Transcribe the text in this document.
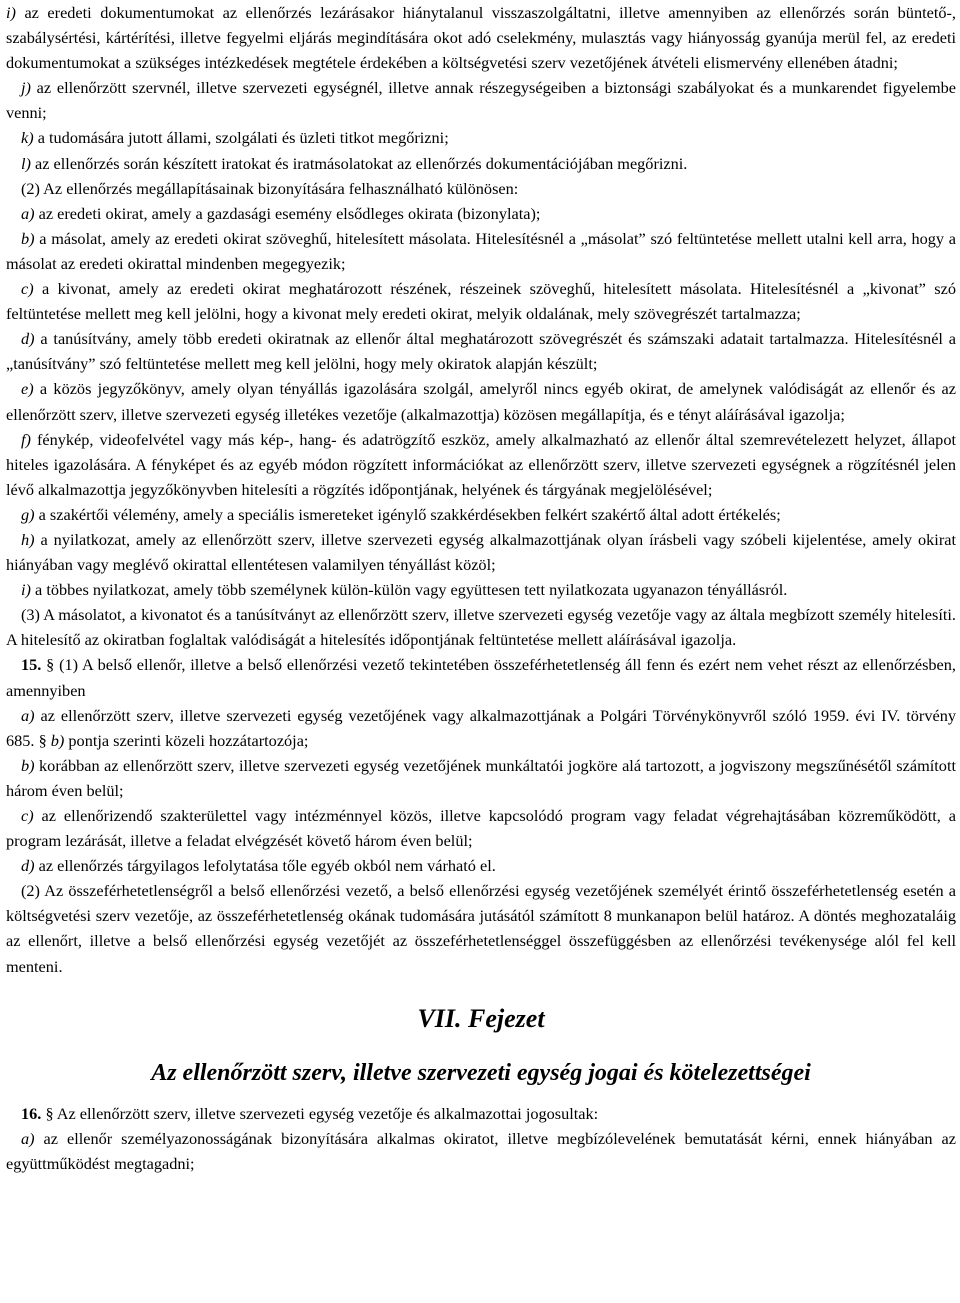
i) az eredeti dokumentumokat az ellenőrzés lezárásakor hiánytalanul visszaszolgáltatni, illetve amennyiben az ellenőrzés során büntető-, szabálysértési, kártérítési, illetve fegyelmi eljárás megindítására okot adó cselekmény, mulasztás vagy hiányosság gyanúja merül fel, az eredeti dokumentumokat a szükséges intézkedések megtétele érdekében a költségvetési szerv vezetőjének átvételi elismervény ellenében átadni;

j) az ellenőrzött szervnél, illetve szervezeti egységnél, illetve annak részegységeiben a biztonsági szabályokat és a munkarendet figyelembe venni;

k) a tudomására jutott állami, szolgálati és üzleti titkot megőrizni;

l) az ellenőrzés során készített iratokat és iratmásolatokat az ellenőrzés dokumentációjában megőrizni.

(2) Az ellenőrzés megállapításainak bizonyítására felhasználható különösen:

a) az eredeti okirat, amely a gazdasági esemény elsődleges okirata (bizonylata);

b) a másolat, amely az eredeti okirat szöveghű, hitelesített másolata. Hitelesítésnél a „másolat” szó feltüntetése mellett utalni kell arra, hogy a másolat az eredeti okirattal mindenben megegyezik;

c) a kivonat, amely az eredeti okirat meghatározott részének, részeinek szöveghű, hitelesített másolata. Hitelesítésnél a „kivonat” szó feltüntetése mellett meg kell jelölni, hogy a kivonat mely eredeti okirat, melyik oldalának, mely szövegrészét tartalmazza;

d) a tanúsítvány, amely több eredeti okiratnak az ellenőr által meghatározott szövegrészét és számszaki adatait tartalmazza. Hitelesítésnél a „tanúsítvány” szó feltüntetése mellett meg kell jelölni, hogy mely okiratok alapján készült;

e) a közös jegyzőkönyv, amely olyan tényállás igazolására szolgál, amelyről nincs egyéb okirat, de amelynek valódiságát az ellenőr és az ellenőrzött szerv, illetve szervezeti egység illetékes vezetője (alkalmazottja) közösen megállapítja, és e tényt aláírásával igazolja;

f) fénykép, videofelvétel vagy más kép-, hang- és adatrögzítő eszköz, amely alkalmazható az ellenőr által szemrevételezett helyzet, állapot hiteles igazolására. A fényképet és az egyéb módon rögzített információkat az ellenőrzött szerv, illetve szervezeti egységnek a rögzítésnél jelen lévő alkalmazottja jegyzőkönyvben hitelesíti a rögzítés időpontjának, helyének és tárgyának megjelölésével;

g) a szakértői vélemény, amely a speciális ismereteket igénylő szakkérdésekben felkért szakértő által adott értékelés;

h) a nyilatkozat, amely az ellenőrzött szerv, illetve szervezeti egység alkalmazottjának olyan írásbeli vagy szóbeli kijelentése, amely okirat hiányában vagy meglévő okirattal ellentétesen valamilyen tényállást közöl;

i) a többes nyilatkozat, amely több személynek külön-külön vagy együttesen tett nyilatkozata ugyanazon tényállásról.

(3) A másolatot, a kivonatot és a tanúsítványt az ellenőrzött szerv, illetve szervezeti egység vezetője vagy az általa megbízott személy hitelesíti. A hitelesítő az okiratban foglaltak valódiságát a hitelesítés időpontjának feltüntetése mellett aláírásával igazolja.

15. § (1) A belső ellenőr, illetve a belső ellenőrzési vezető tekintetében összeférhetetlenség áll fenn és ezért nem vehet részt az ellenőrzésben, amennyiben

a) az ellenőrzött szerv, illetve szervezeti egység vezetőjének vagy alkalmazottjának a Polgári Törvénykönyvről szóló 1959. évi IV. törvény 685. § b) pontja szerinti közeli hozzátartozója;

b) korábban az ellenőrzött szerv, illetve szervezeti egység vezetőjének munkáltatói jogköre alá tartozott, a jogviszony megszűnésétől számított három éven belül;

c) az ellenőrizendő szakterülettel vagy intézménnyel közös, illetve kapcsolódó program vagy feladat végrehajtásában közreműködött, a program lezárását, illetve a feladat elvégzését követő három éven belül;

d) az ellenőrzés tárgyilagos lefolytatása tőle egyéb okból nem várható el.

(2) Az összeférhetetlenségről a belső ellenőrzési vezető, a belső ellenőrzési egység vezetőjének személyét érintő összeférhetetlenség esetén a költségvetési szerv vezetője, az összeférhetetlenség okának tudomására jutásától számított 8 munkanapon belül határoz. A döntés meghozataláig az ellenőrt, illetve a belső ellenőrzési egység vezetőjét az összeférhetetlenséggel összefüggésben az ellenőrzési tevékenysége alól fel kell menteni.

VII. Fejezet
Az ellenőrzött szerv, illetve szervezeti egység jogai és kötelezettségei

16. § Az ellenőrzött szerv, illetve szervezeti egység vezetője és alkalmazottai jogosultak:

a) az ellenőr személyazonosságának bizonyítására alkalmas okiratot, illetve megbízólevelének bemutatását kérni, ennek hiányában az együttműködést megtagadni;
